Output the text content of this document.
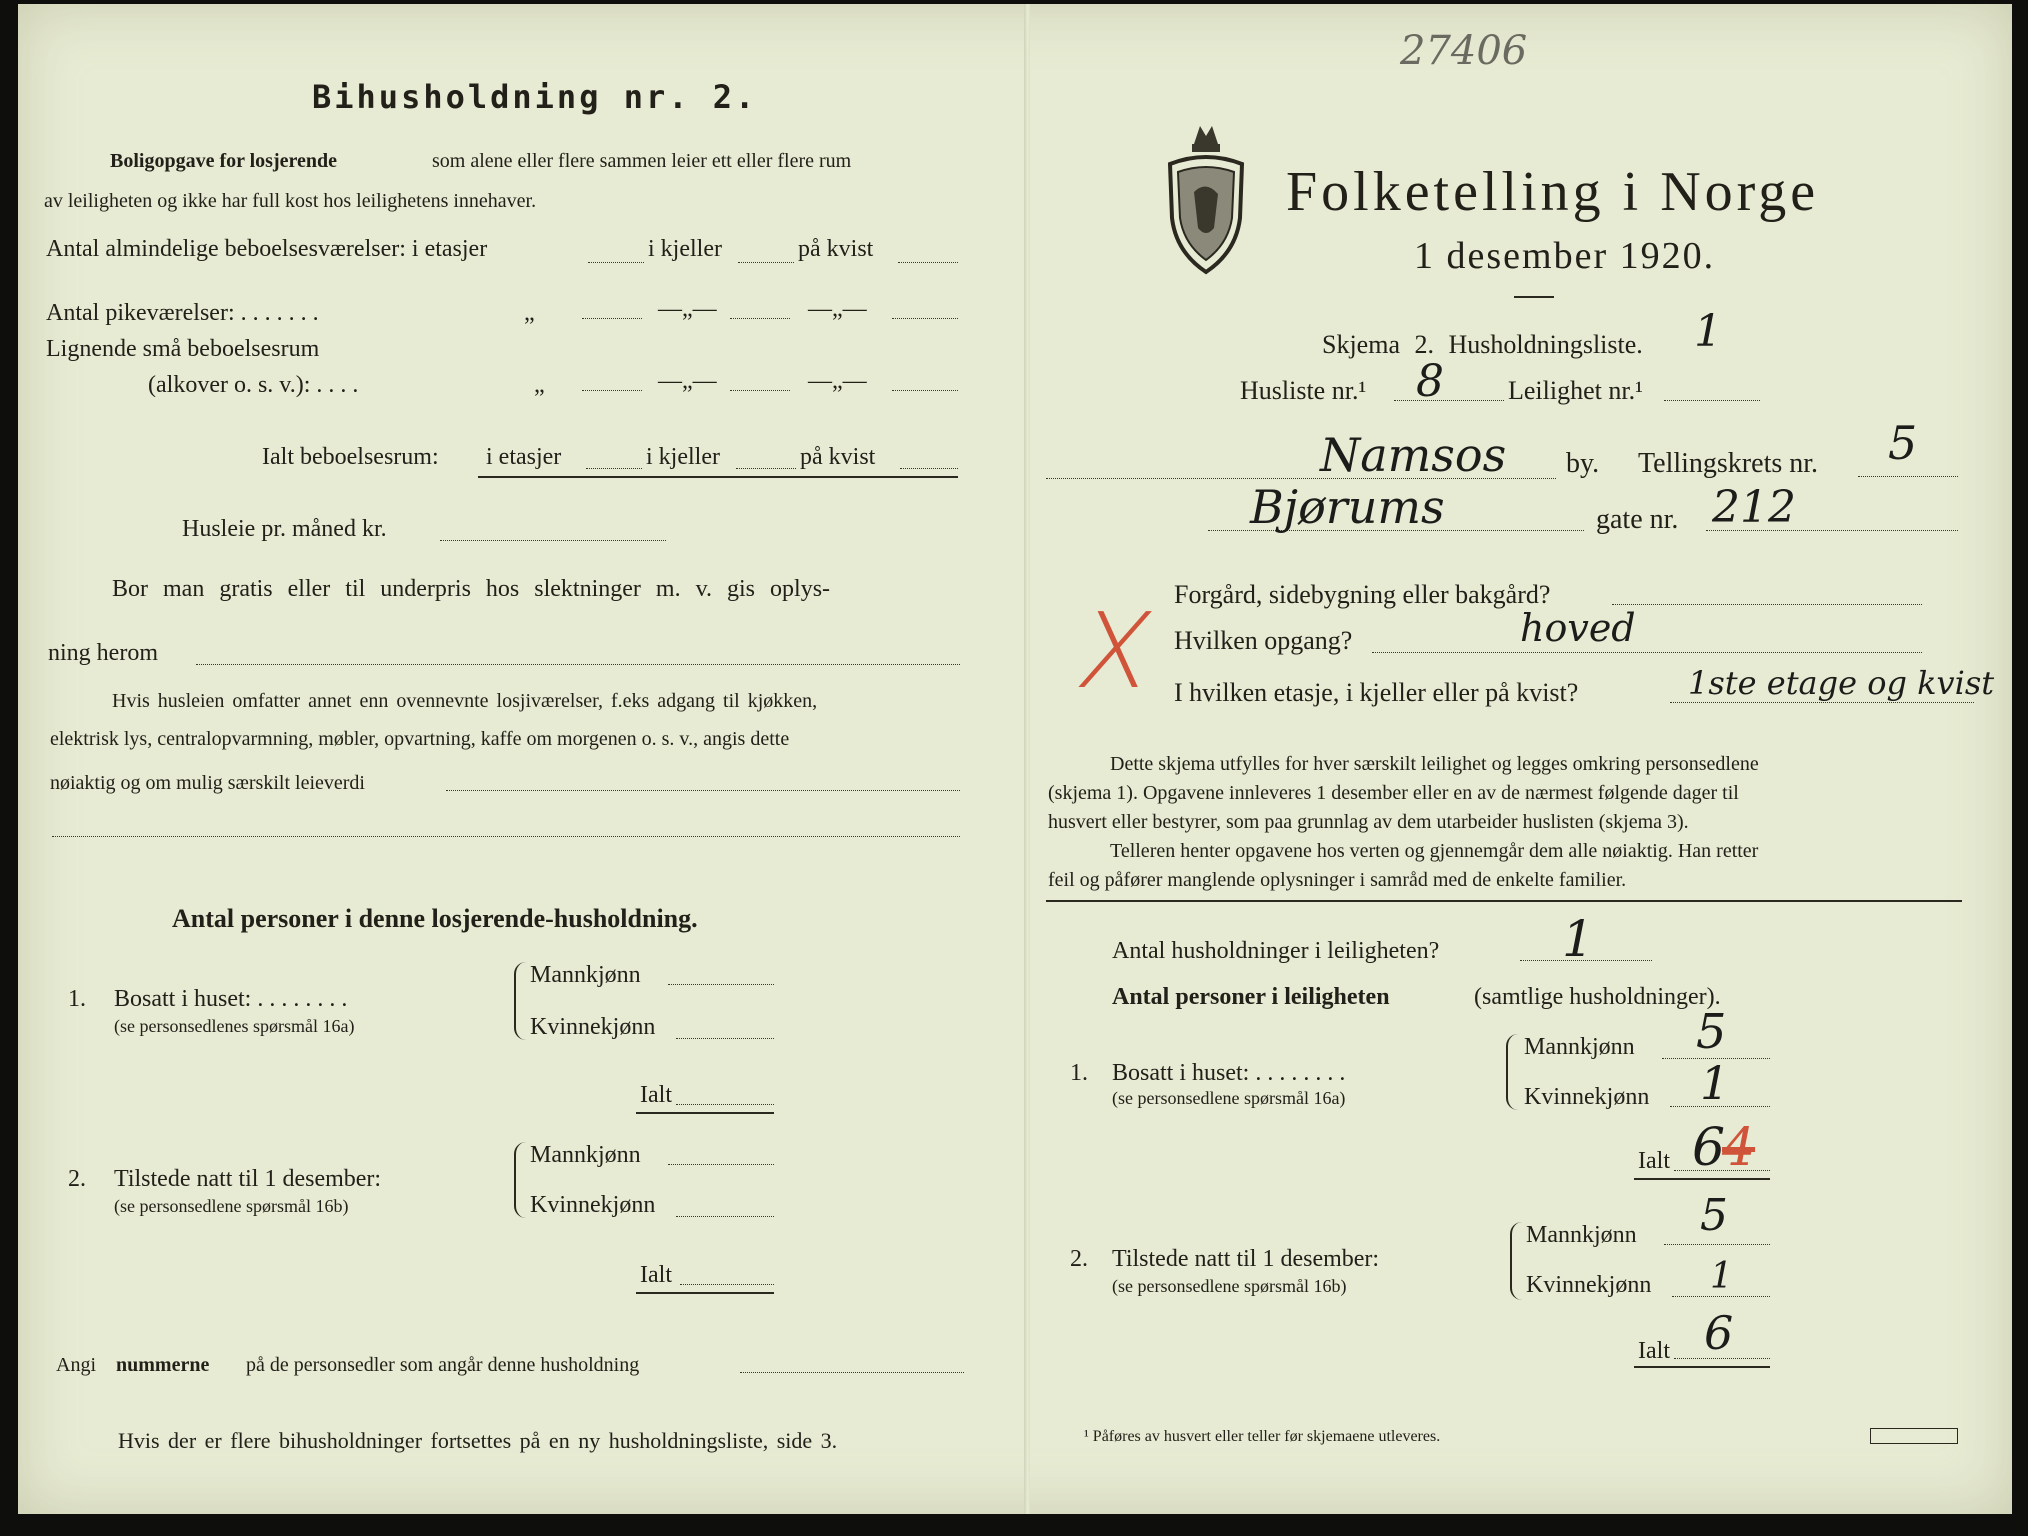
Bihusholdning nr. 2.
Boligopgave for losjerende	som alene eller flere sammen leier ett eller flere rum
av leiligheten og ikke har full kost hos leilighetens innehaver.
Antal almindelige beboelsesværelser: i etasjer	i kjeller	på kvist
Antal pikeværelser: . . . . . . .	„	—„—	—„—
Lignende små beboelsesrum
(alkover o. s. v.): . . . .	„	—„—	—„—
Ialt beboelsesrum: i etasjer	i kjeller	på kvist
Husleie pr. måned kr.
Bor man gratis eller til underpris hos slektninger m. v. gis oplys-
ning herom
Hvis husleien omfatter annet enn ovennevnte losjiværelser, f.eks adgang til kjøkken,
elektrisk lys, centralopvarmning, møbler, opvartning, kaffe om morgenen o. s. v., angis dette
nøiaktig og om mulig særskilt leieverdi
Antal personer i denne losjerende-husholdning.
1. Bosatt i huset: . . . . . . . .
(se personsedlenes spørsmål 16a)
Mannkjønn
Kvinnekjønn
Ialt
2. Tilstede natt til 1 desember:
(se personsedlene spørsmål 16b)
Mannkjønn
Kvinnekjønn
Ialt
Angi nummerne på de personsedler som angår denne husholdning
Hvis der er flere bihusholdninger fortsettes på en ny husholdningsliste, side 3.
27406
Folketelling i Norge
1 desember 1920.
Skjema 2. Husholdningsliste. 1
Husliste nr.¹ 8 Leilighet nr.¹
Namsos by. Tellingskrets nr. 5
Bjørums	gate nr. 212
X Forgård, sidebygning eller bakgård?
Hvilken opgang?	hoved
I hvilken etasje, i kjeller eller på kvist?	1ste etage og kvist
Dette skjema utfylles for hver særskilt leilighet og legges omkring personsedlene
(skjema 1). Opgavene innleveres 1 desember eller en av de nærmest følgende dager til
husvert eller bestyrer, som paa grunnlag av dem utarbeider huslisten (skjema 3).
Telleren henter opgavene hos verten og gjennemgår dem alle nøiaktig. Han retter
feil og påfører manglende oplysninger i samråd med de enkelte familier.
Antal husholdninger i leiligheten? 1
Antal personer i leiligheten	(samtlige husholdninger).
1. Bosatt i huset: . . . . . . . .
(se personsedlene spørsmål 16a)
Mannkjønn 5
Kvinnekjønn 1
Ialt 6
4
2. Tilstede natt til 1 desember:
(se personsedlene spørsmål 16b)
Mannkjønn 5
Kvinnekjønn 1
Ialt 6
¹ Påføres av husvert eller teller før skjemaene utleveres.
